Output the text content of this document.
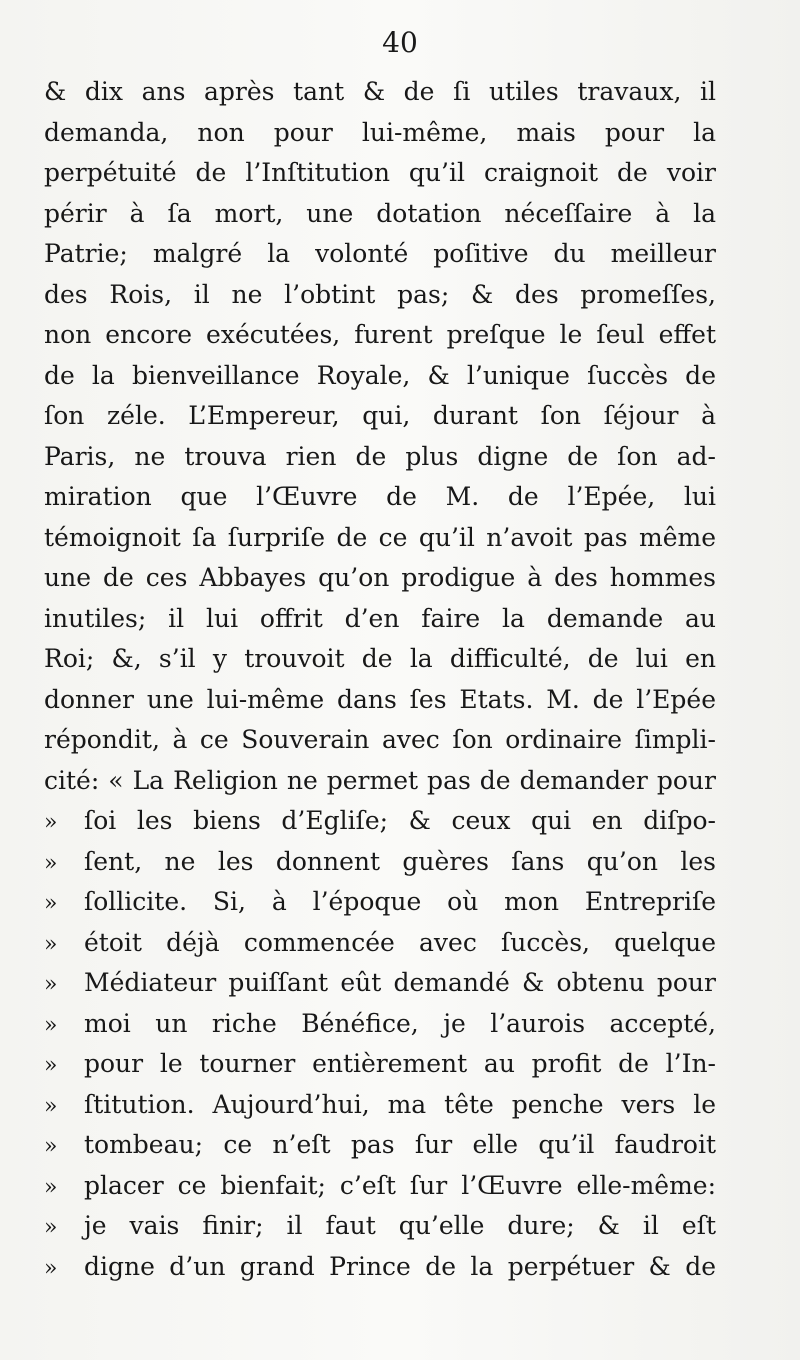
40
& dix ans après tant & de ſi utiles travaux, il
demanda, non pour lui-même, mais pour la
perpétuité de l’Inſtitution qu’il craignoit de voir
périr à ſa mort, une dotation néceſſaire à la
Patrie; malgré la volonté poſitive du meilleur
des Rois, il ne l’obtint pas; & des promeſſes,
non encore exécutées, furent preſque le ſeul effet
de la bienveillance Royale, & l’unique ſuccès de
ſon zéle. L’Empereur, qui, durant ſon ſéjour à
Paris, ne trouva rien de plus digne de ſon ad-
miration que l’Œuvre de M. de l’Epée, lui
témoignoit ſa ſurpriſe de ce qu’il n’avoit pas même
une de ces Abbayes qu’on prodigue à des hommes
inutiles; il lui offrit d’en faire la demande au
Roi; &, s’il y trouvoit de la difficulté, de lui en
donner une lui-même dans ſes Etats. M. de l’Epée
répondit, à ce Souverain avec ſon ordinaire ſimpli-
cité: « La Religion ne permet pas de demander pour
» ſoi les biens d’Egliſe; & ceux qui en diſpo-
» ſent, ne les donnent guères ſans qu’on les
» ſollicite. Si, à l’époque où mon Entrepriſe
» étoit déjà commencée avec ſuccès, quelque
» Médiateur puiſſant eût demandé & obtenu pour
» moi un riche Bénéfice, je l’aurois accepté,
» pour le tourner entièrement au profit de l’In-
» ſtitution. Aujourd’hui, ma tête penche vers le
» tombeau; ce n’eſt pas ſur elle qu’il faudroit
» placer ce bienfait; c’eſt ſur l’Œuvre elle-même:
» je vais finir; il faut qu’elle dure; & il eſt
» digne d’un grand Prince de la perpétuer & de
